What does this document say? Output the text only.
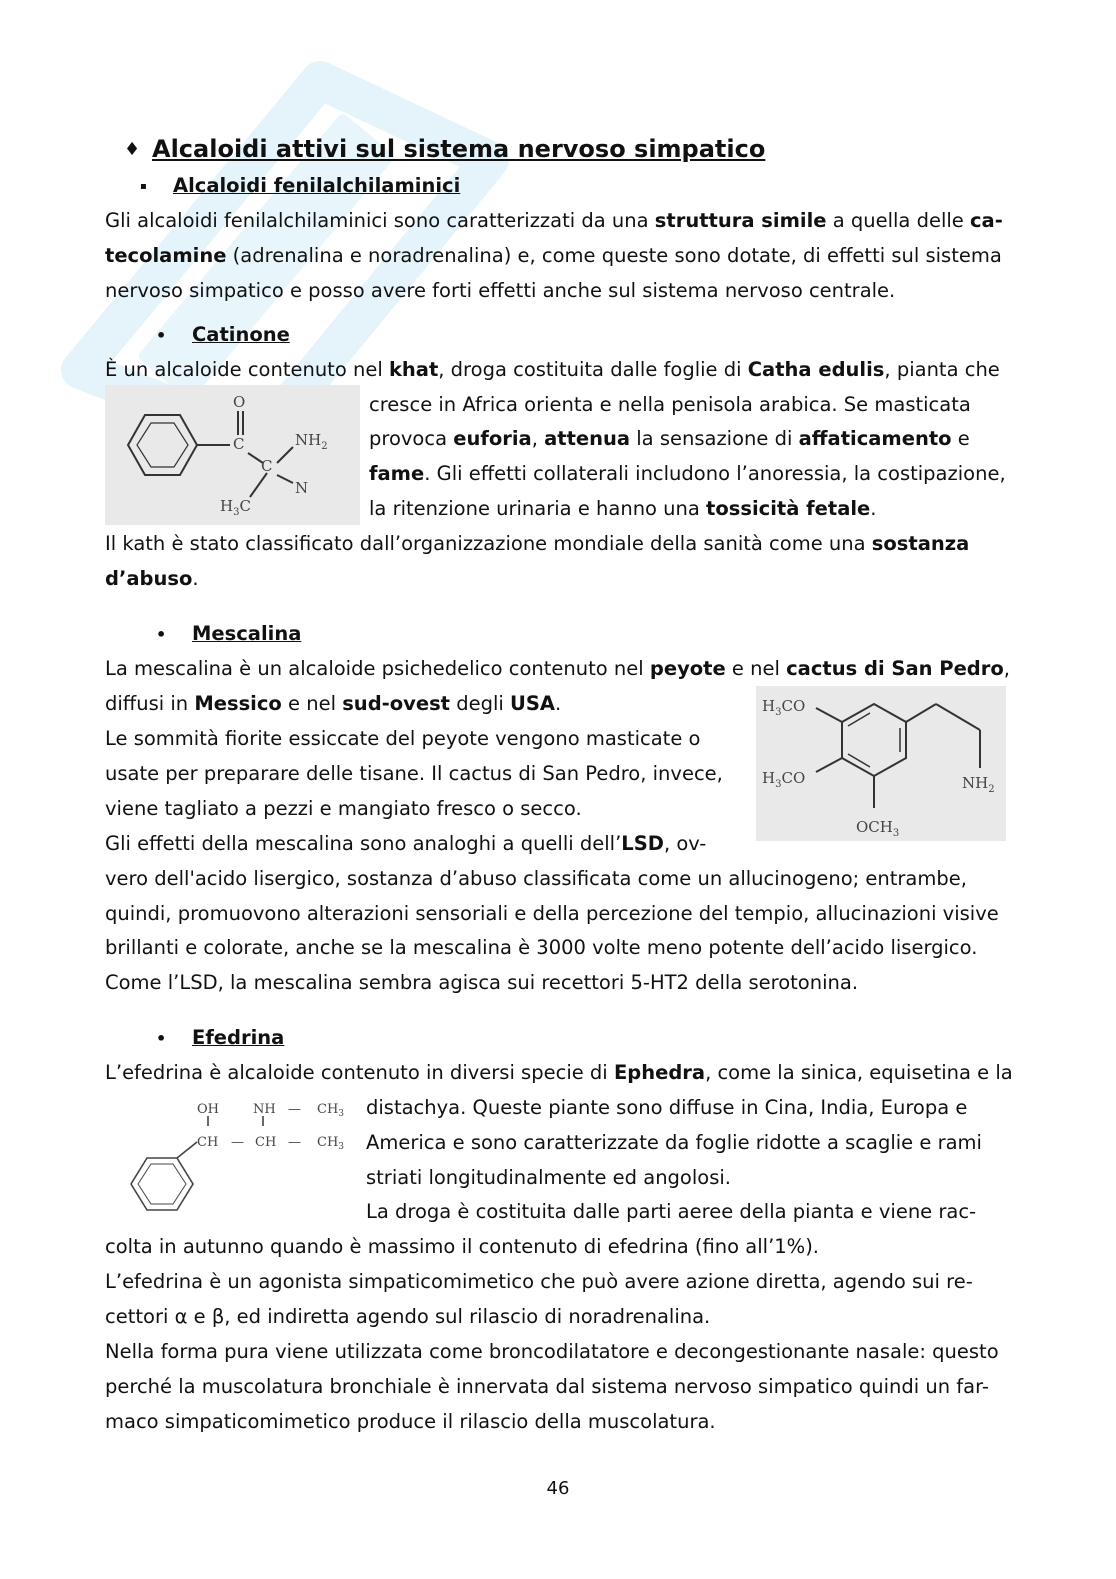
♦ Alcaloidi attivi sul sistema nervoso simpatico
▪ Alcaloidi fenilalchilaminici
Gli alcaloidi fenilalchilaminici sono caratterizzati da una struttura simile a quella delle ca-
tecolamine (adrenalina e noradrenalina) e, come queste sono dotate, di effetti sul sistema
nervoso simpatico e posso avere forti effetti anche sul sistema nervoso centrale.
• Catinone
È un alcaloide contenuto nel khat, droga costituita dalle foglie di Catha edulis, pianta che
O
C
C
$NH_2$
N
$H_3C$
cresce in Africa orienta e nella penisola arabica. Se masticata
provoca euforia, attenua la sensazione di affaticamento e
fame. Gli effetti collaterali includono l’anoressia, la costipazione,
la ritenzione urinaria e hanno una tossicità fetale.
Il kath è stato classificato dall’organizzazione mondiale della sanità come una sostanza
d’abuso.
• Mescalina
La mescalina è un alcaloide psichedelico contenuto nel peyote e nel cactus di San Pedro,
diffusi in Messico e nel sud-ovest degli USA.	$H_3CO$
$H_3CO$	$NH_2$
$OCH_3$
Le sommità fiorite essiccate del peyote vengono masticate o
usate per preparare delle tisane. Il cactus di San Pedro, invece,
viene tagliato a pezzi e mangiato fresco o secco.
Gli effetti della mescalina sono analoghi a quelli dell’LSD, ov-
vero dell'acido lisergico, sostanza d’abuso classificata come un allucinogeno; entrambe,
quindi, promuovono alterazioni sensoriali e della percezione del tempio, allucinazioni visive
brillanti e colorate, anche se la mescalina è 3000 volte meno potente dell’acido lisergico.
Come l’LSD, la mescalina sembra agisca sui recettori 5-HT2 della serotonina.
• Efedrina
L’efedrina è alcaloide contenuto in diversi specie di Ephedra, come la sinica, equisetina e la
OH	NH — $CH_3$
CH — CH — $CH_3$
distachya. Queste piante sono diffuse in Cina, India, Europa e
America e sono caratterizzate da foglie ridotte a scaglie e rami
striati longitudinalmente ed angolosi.
La droga è costituita dalle parti aeree della pianta e viene rac-
colta in autunno quando è massimo il contenuto di efedrina (fino all’1%).
L’efedrina è un agonista simpaticomimetico che può avere azione diretta, agendo sui re-
cettori α e β, ed indiretta agendo sul rilascio di noradrenalina.
Nella forma pura viene utilizzata come broncodilatatore e decongestionante nasale: questo
perché la muscolatura bronchiale è innervata dal sistema nervoso simpatico quindi un far-
maco simpaticomimetico produce il rilascio della muscolatura.
46
